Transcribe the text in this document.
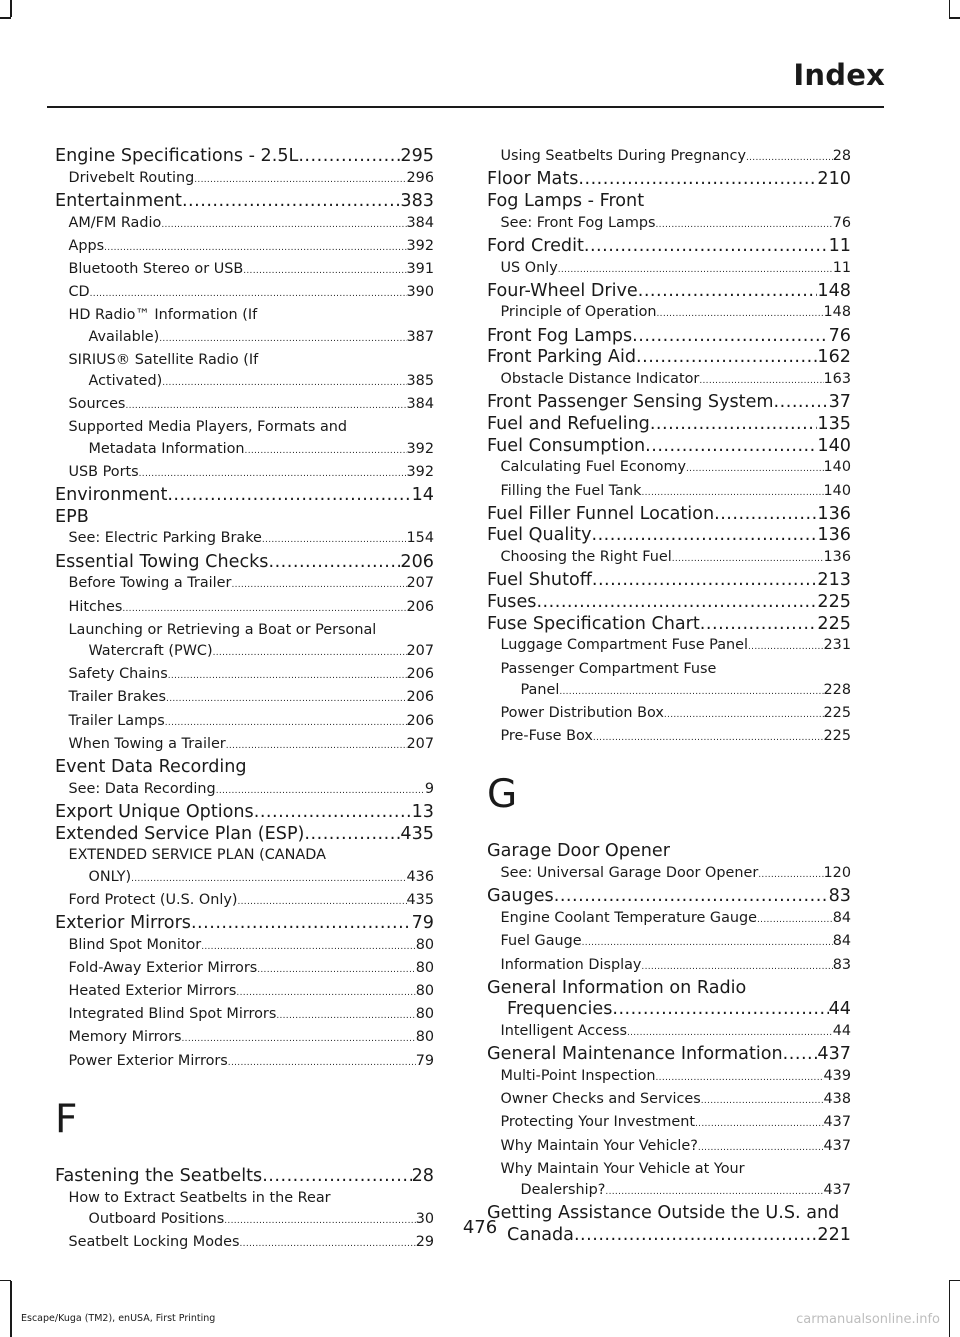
Index
Engine Specifications - 2.5L .....	295
Drivebelt Routing .....	296
Entertainment .....	383
AM/FM Radio .....	384
Apps .....	392
Bluetooth Stereo or USB .....	391
CD .....	390
HD Radio™ Information (If
Available) .....	387
SIRIUS® Satellite Radio (If
Activated) .....	385
Sources .....	384
Supported Media Players, Formats and
Metadata Information .....	392
USB Ports .....	392
Environment .....	14
EPB
See: Electric Parking Brake .....	154
Essential Towing Checks .....	206
Before Towing a Trailer .....	207
Hitches .....	206
Launching or Retrieving a Boat or Personal
Watercraft (PWC) .....	207
Safety Chains .....	206
Trailer Brakes .....	206
Trailer Lamps .....	206
When Towing a Trailer .....	207
Event Data Recording
See: Data Recording .....	9
Export Unique Options .....	13
Extended Service Plan (ESP) .....	435
EXTENDED SERVICE PLAN (CANADA
ONLY) .....	436
Ford Protect (U.S. Only) .....	435
Exterior Mirrors .....	79
Blind Spot Monitor .....	80
Fold-Away Exterior Mirrors .....	80
Heated Exterior Mirrors .....	80
Integrated Blind Spot Mirrors .....	80
Memory Mirrors .....	80
Power Exterior Mirrors .....	79
F
Fastening the Seatbelts .....	28
How to Extract Seatbelts in the Rear
Outboard Positions .....	30
Seatbelt Locking Modes .....	29
Using Seatbelts During Pregnancy .....	28
Floor Mats .....	210
Fog Lamps - Front
See: Front Fog Lamps .....	76
Ford Credit .....	11
US Only .....	11
Four-Wheel Drive .....	148
Principle of Operation .....	148
Front Fog Lamps .....	76
Front Parking Aid .....	162
Obstacle Distance Indicator .....	163
Front Passenger Sensing System .....	37
Fuel and Refueling .....	135
Fuel Consumption .....	140
Calculating Fuel Economy .....	140
Filling the Fuel Tank .....	140
Fuel Filler Funnel Location .....	136
Fuel Quality .....	136
Choosing the Right Fuel .....	136
Fuel Shutoff .....	213
Fuses .....	225
Fuse Specification Chart .....	225
Luggage Compartment Fuse Panel .....	231
Passenger Compartment Fuse
Panel .....	228
Power Distribution Box .....	225
Pre-Fuse Box .....	225
G
Garage Door Opener
See: Universal Garage Door Opener .....	120
Gauges .....	83
Engine Coolant Temperature Gauge .....	84
Fuel Gauge .....	84
Information Display .....	83
General Information on Radio
Frequencies .....	44
Intelligent Access .....	44
General Maintenance Information ..... 437
Multi-Point Inspection .....	439
Owner Checks and Services .....	438
Protecting Your Investment .....	437
Why Maintain Your Vehicle? .....	437
Why Maintain Your Vehicle at Your
Dealership? .....	437
Getting Assistance Outside the U.S. and
Canada .....	221
476
Escape/Kuga (TM2), enUSA, First Printing	carmanualsonline.info
